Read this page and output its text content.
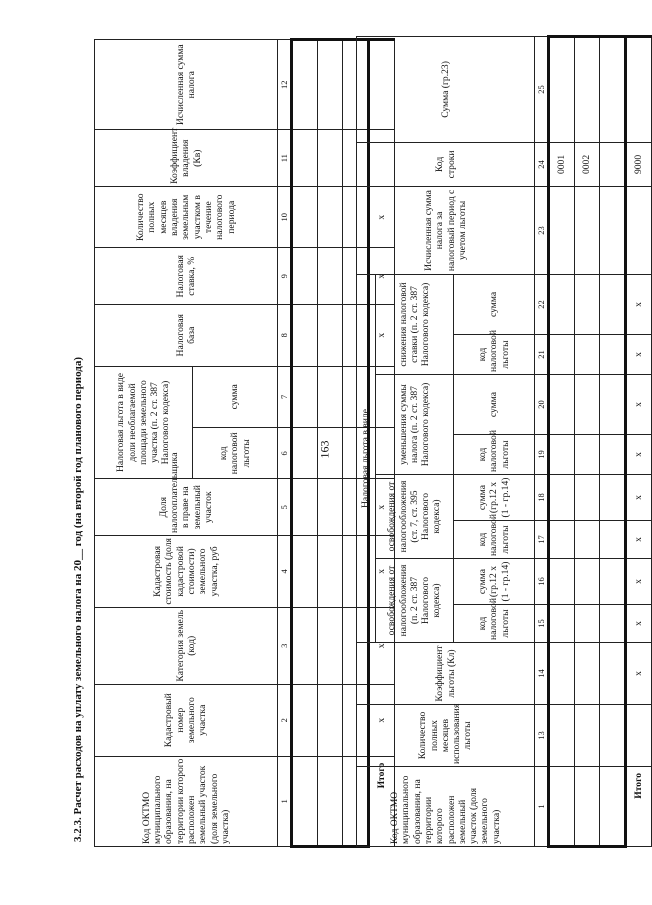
163
3.2.3. Расчет расходов на уплату земельного налога на 20__ год (на второй год планового периода)	Код ОКТМО муниципального образования, на территории которого расположен земельный участок (доля земельного участка)	Кадастровый номер земельного участка	Категория земель (код)	Кадастровая стоимость (доля кадастровой стоимости) земельного участка, руб	Доля налогоплательщика в праве на земельный участок	Налоговая льгота в виде доли необлагаемой площади земельного участка (п. 2 ст. 387 Налогового кодекса)		Налоговая база	Налоговая ставка, %	Количество полных месяцев владения земельным участком в течение налогового периода	Коэффициент владения (Кв)	Исчисленная сумма налога
					код налоговой льготы	сумма					
1	2	3	4	5	6	7	8	9	10	11	12

Итого	x	x	x	x			x	x	x		
Код ОКТМО муниципального образования, на территории которого расположен земельный участок (доля земельного участка)	Количество полных месяцев использования льготы	Коэффициент льготы (Кл)	Налоговая льгота в виде								Исчисленная сумма налога за налоговый период с учетом льготы	Код строки	Сумма (гр.23)
			освобождения от налогообложения (п. 2 ст. 387 Налогового кодекса)		освобождения от налогообложения (ст. 7, ст. 395 Налогового кодекса)		уменьшения суммы налога (п. 2 ст. 387 Налогового кодекса)		снижения налоговой ставки (п. 2 ст. 387 Налогового кодекса)				
			код налоговой льготы	сумма (гр.12 x (1 - гр.14)	код налоговой льготы	сумма (гр.12 x (1 - гр.14)	код налоговой льготы	сумма	код налоговой льготы	сумма			
1	13	14	15	16	17	18	19	20	21	22	23	24	25
												0001	
												0002	

Итого		x	x	x	x	x	x	x	x	x		9000	
